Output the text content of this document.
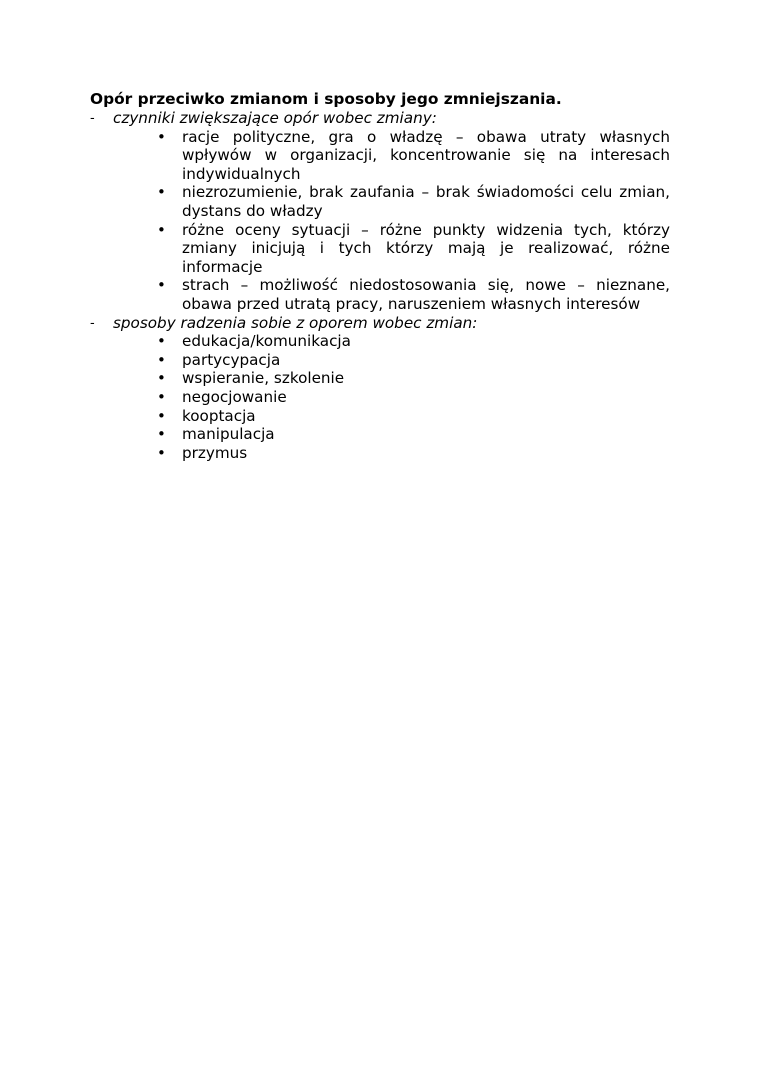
Opór przeciwko zmianom i sposoby jego zmniejszania.

- czynniki zwiększające opór wobec zmiany:
• racje polityczne, gra o władzę – obawa utraty własnych wpływów w organizacji, koncentrowanie się na interesach indywidualnych
• niezrozumienie, brak zaufania – brak świadomości celu zmian, dystans do władzy
• różne oceny sytuacji – różne punkty widzenia tych, którzy zmiany inicjują i tych którzy mają je realizować, różne informacje
• strach – możliwość niedostosowania się, nowe – nieznane, obawa przed utratą pracy, naruszeniem własnych interesów
- sposoby radzenia sobie z oporem wobec zmian:
• edukacja/komunikacja
• partycypacja
• wspieranie, szkolenie
• negocjowanie
• kooptacja
• manipulacja
• przymus
